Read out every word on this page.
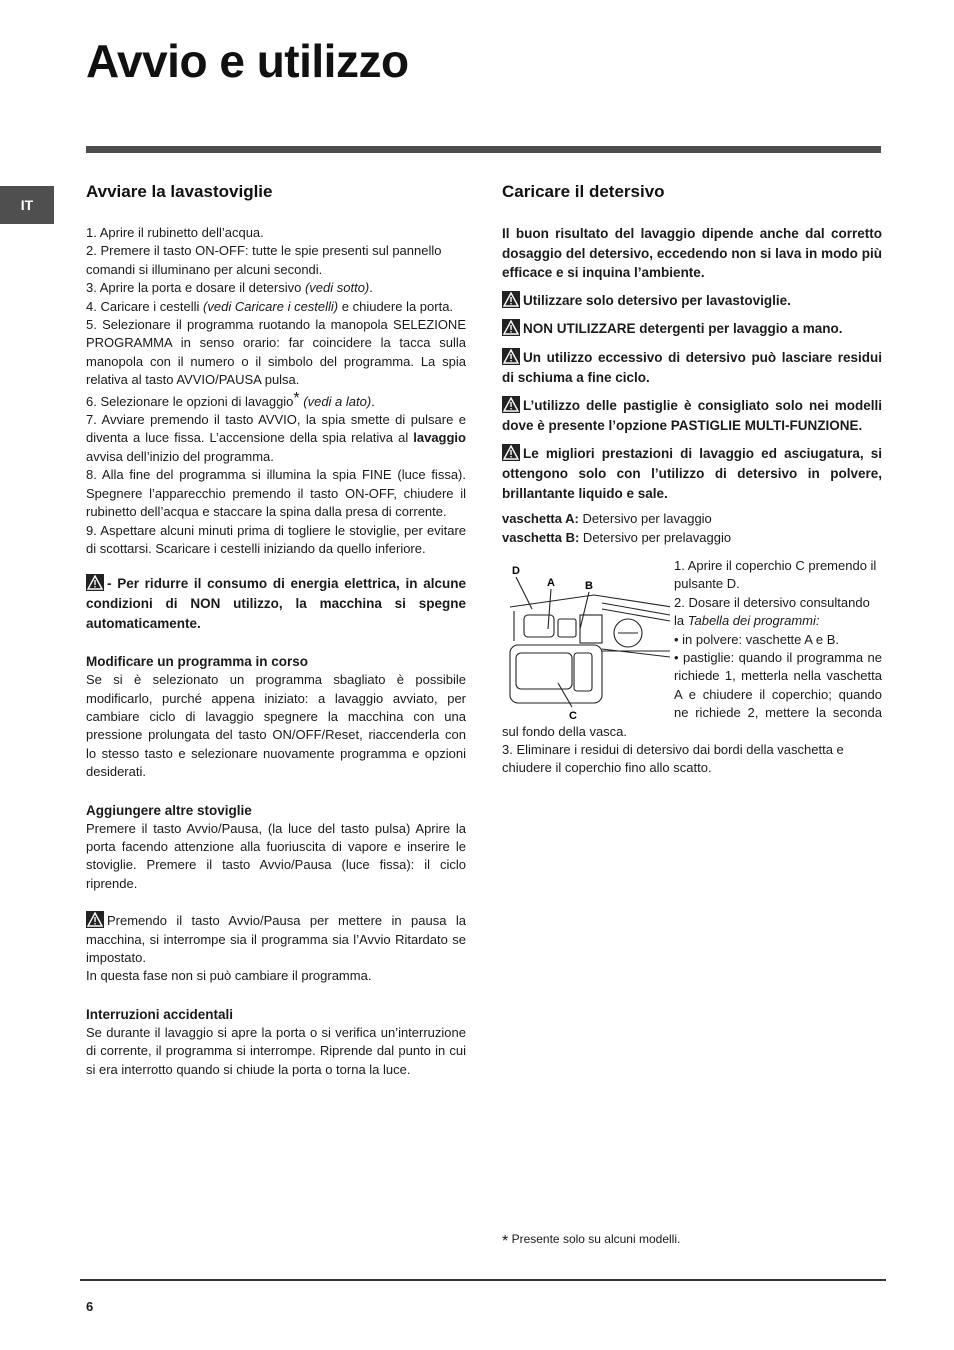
Avvio e utilizzo
IT
Avviare la lavastoviglie

1. Aprire il rubinetto dell’acqua.

2. Premere il tasto ON-OFF: tutte le spie presenti sul pannello comandi si illuminano per alcuni secondi.

3. Aprire la porta e dosare il detersivo (vedi sotto).

4. Caricare i cestelli (vedi Caricare i cestelli) e chiudere la porta.

5. Selezionare il programma ruotando la manopola SELEZIONE PROGRAMMA in senso orario: far coincidere la tacca sulla manopola con il numero o il simbolo del programma. La spia relativa al tasto AVVIO/PAUSA pulsa.

6. Selezionare le opzioni di lavaggio* (vedi a lato).

7. Avviare premendo il tasto AVVIO, la spia smette di pulsare e diventa a luce fissa. L’accensione della spia relativa al lavaggio avvisa dell’inizio del programma.

8. Alla fine del programma si illumina la spia FINE (luce fissa). Spegnere l’apparecchio premendo il tasto ON-OFF, chiudere il rubinetto dell’acqua e staccare la spina dalla presa di corrente.

9. Aspettare alcuni minuti prima di togliere le stoviglie, per evitare di scottarsi. Scaricare i cestelli iniziando da quello inferiore.

- Per ridurre il consumo di energia elettrica, in alcune condizioni di NON utilizzo, la macchina si spegne automaticamente.

Modificare un programma in corso

Se si è selezionato un programma sbagliato è possibile modificarlo, purché appena iniziato: a lavaggio avviato, per cambiare ciclo di lavaggio spegnere la macchina con una pressione prolungata del tasto ON/OFF/Reset, riaccenderla con lo stesso tasto e selezionare nuovamente programma e opzioni desiderati.

Aggiungere altre stoviglie

Premere il tasto Avvio/Pausa, (la luce del tasto pulsa) Aprire la porta facendo attenzione alla fuoriuscita di vapore e inserire le stoviglie. Premere il tasto Avvio/Pausa (luce fissa): il ciclo riprende.

Premendo il tasto Avvio/Pausa per mettere in pausa la macchina, si interrompe sia il programma sia l’Avvio Ritardato se impostato.

In questa fase non si può cambiare il programma.

Interruzioni accidentali

Se durante il lavaggio si apre la porta o si verifica un’interruzione di corrente, il programma si interrompe. Riprende dal punto in cui si era interrotto quando si chiude la porta o torna la luce.

Caricare il detersivo

Il buon risultato del lavaggio dipende anche dal corretto dosaggio del detersivo, eccedendo non si lava in modo più efficace e si inquina l’ambiente.

Utilizzare solo detersivo per lavastoviglie.

NON UTILIZZARE detergenti per lavaggio a mano.

Un utilizzo eccessivo di detersivo può lasciare residui di schiuma a fine ciclo.

L’utilizzo delle pastiglie è consigliato solo nei modelli dove è presente l’opzione PASTIGLIE MULTI-FUNZIONE.

Le migliori prestazioni di lavaggio ed asciugatura, si ottengono solo con l’utilizzo di detersivo in polvere, brillantante liquido e sale.

vaschetta A: Detersivo per lavaggio

vaschetta B: Detersivo per prelavaggio

D
A	B
C

1. Aprire il coperchio C premendo il pulsante D.

2. Dosare il detersivo consultando la Tabella dei programmi:

• in polvere: vaschette A e B.

• pastiglie: quando il programma ne richiede 1, metterla nella vaschetta A e chiudere il coperchio; quando ne richiede 2, mettere la seconda sul fondo della vasca.

3. Eliminare i residui di detersivo dai bordi della vaschetta e chiudere il coperchio fino allo scatto.

* Presente solo su alcuni modelli.
6
